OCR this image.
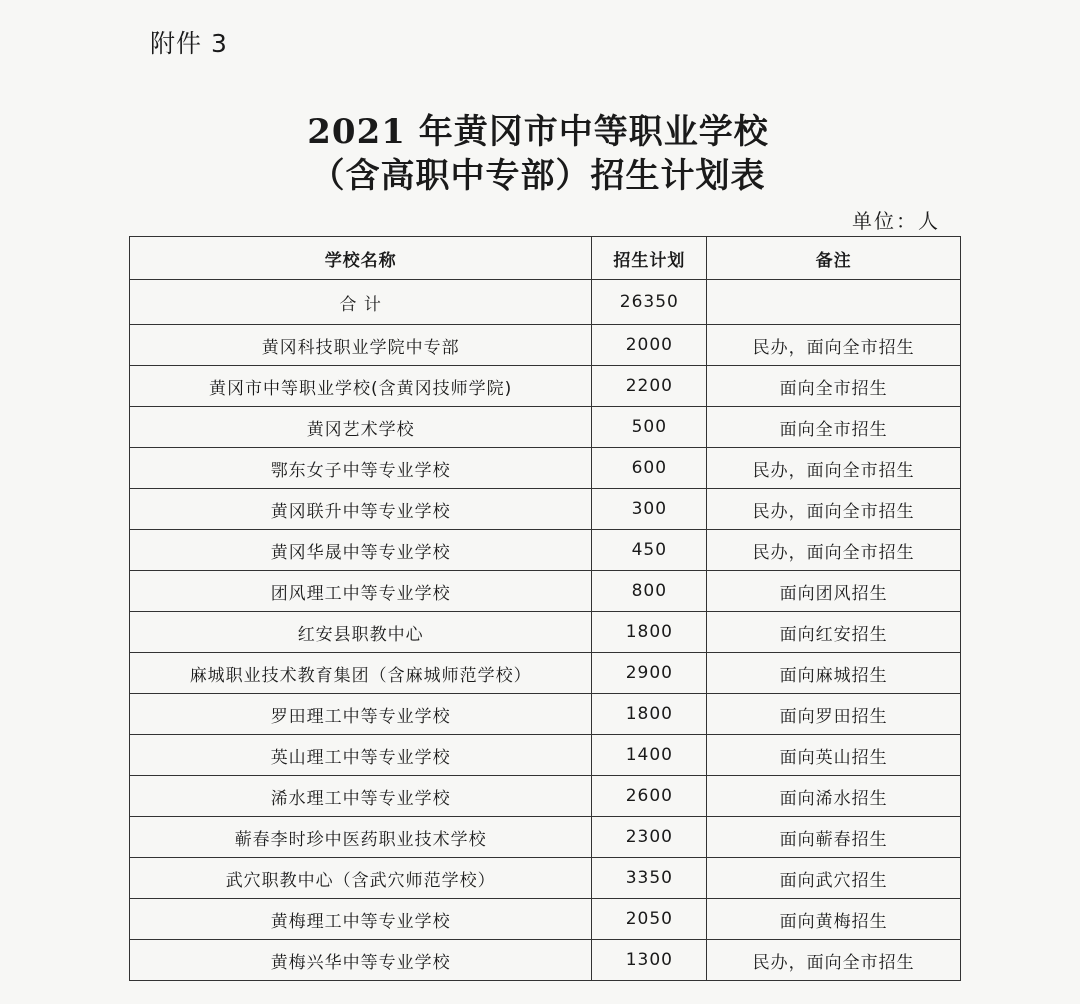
附件 3
2021 年黄冈市中等职业学校
（含高职中专部）招生计划表
单位：人
学校名称	招生计划	备注
合 计	26350	
黄冈科技职业学院中专部	2000	民办，面向全市招生
黄冈市中等职业学校(含黄冈技师学院)	2200	面向全市招生
黄冈艺术学校	500	面向全市招生
鄂东女子中等专业学校	600	民办，面向全市招生
黄冈联升中等专业学校	300	民办，面向全市招生
黄冈华晟中等专业学校	450	民办，面向全市招生
团风理工中等专业学校	800	面向团风招生
红安县职教中心	1800	面向红安招生
麻城职业技术教育集团（含麻城师范学校）	2900	面向麻城招生
罗田理工中等专业学校	1800	面向罗田招生
英山理工中等专业学校	1400	面向英山招生
浠水理工中等专业学校	2600	面向浠水招生
蕲春李时珍中医药职业技术学校	2300	面向蕲春招生
武穴职教中心（含武穴师范学校）	3350	面向武穴招生
黄梅理工中等专业学校	2050	面向黄梅招生
黄梅兴华中等专业学校	1300	民办，面向全市招生
